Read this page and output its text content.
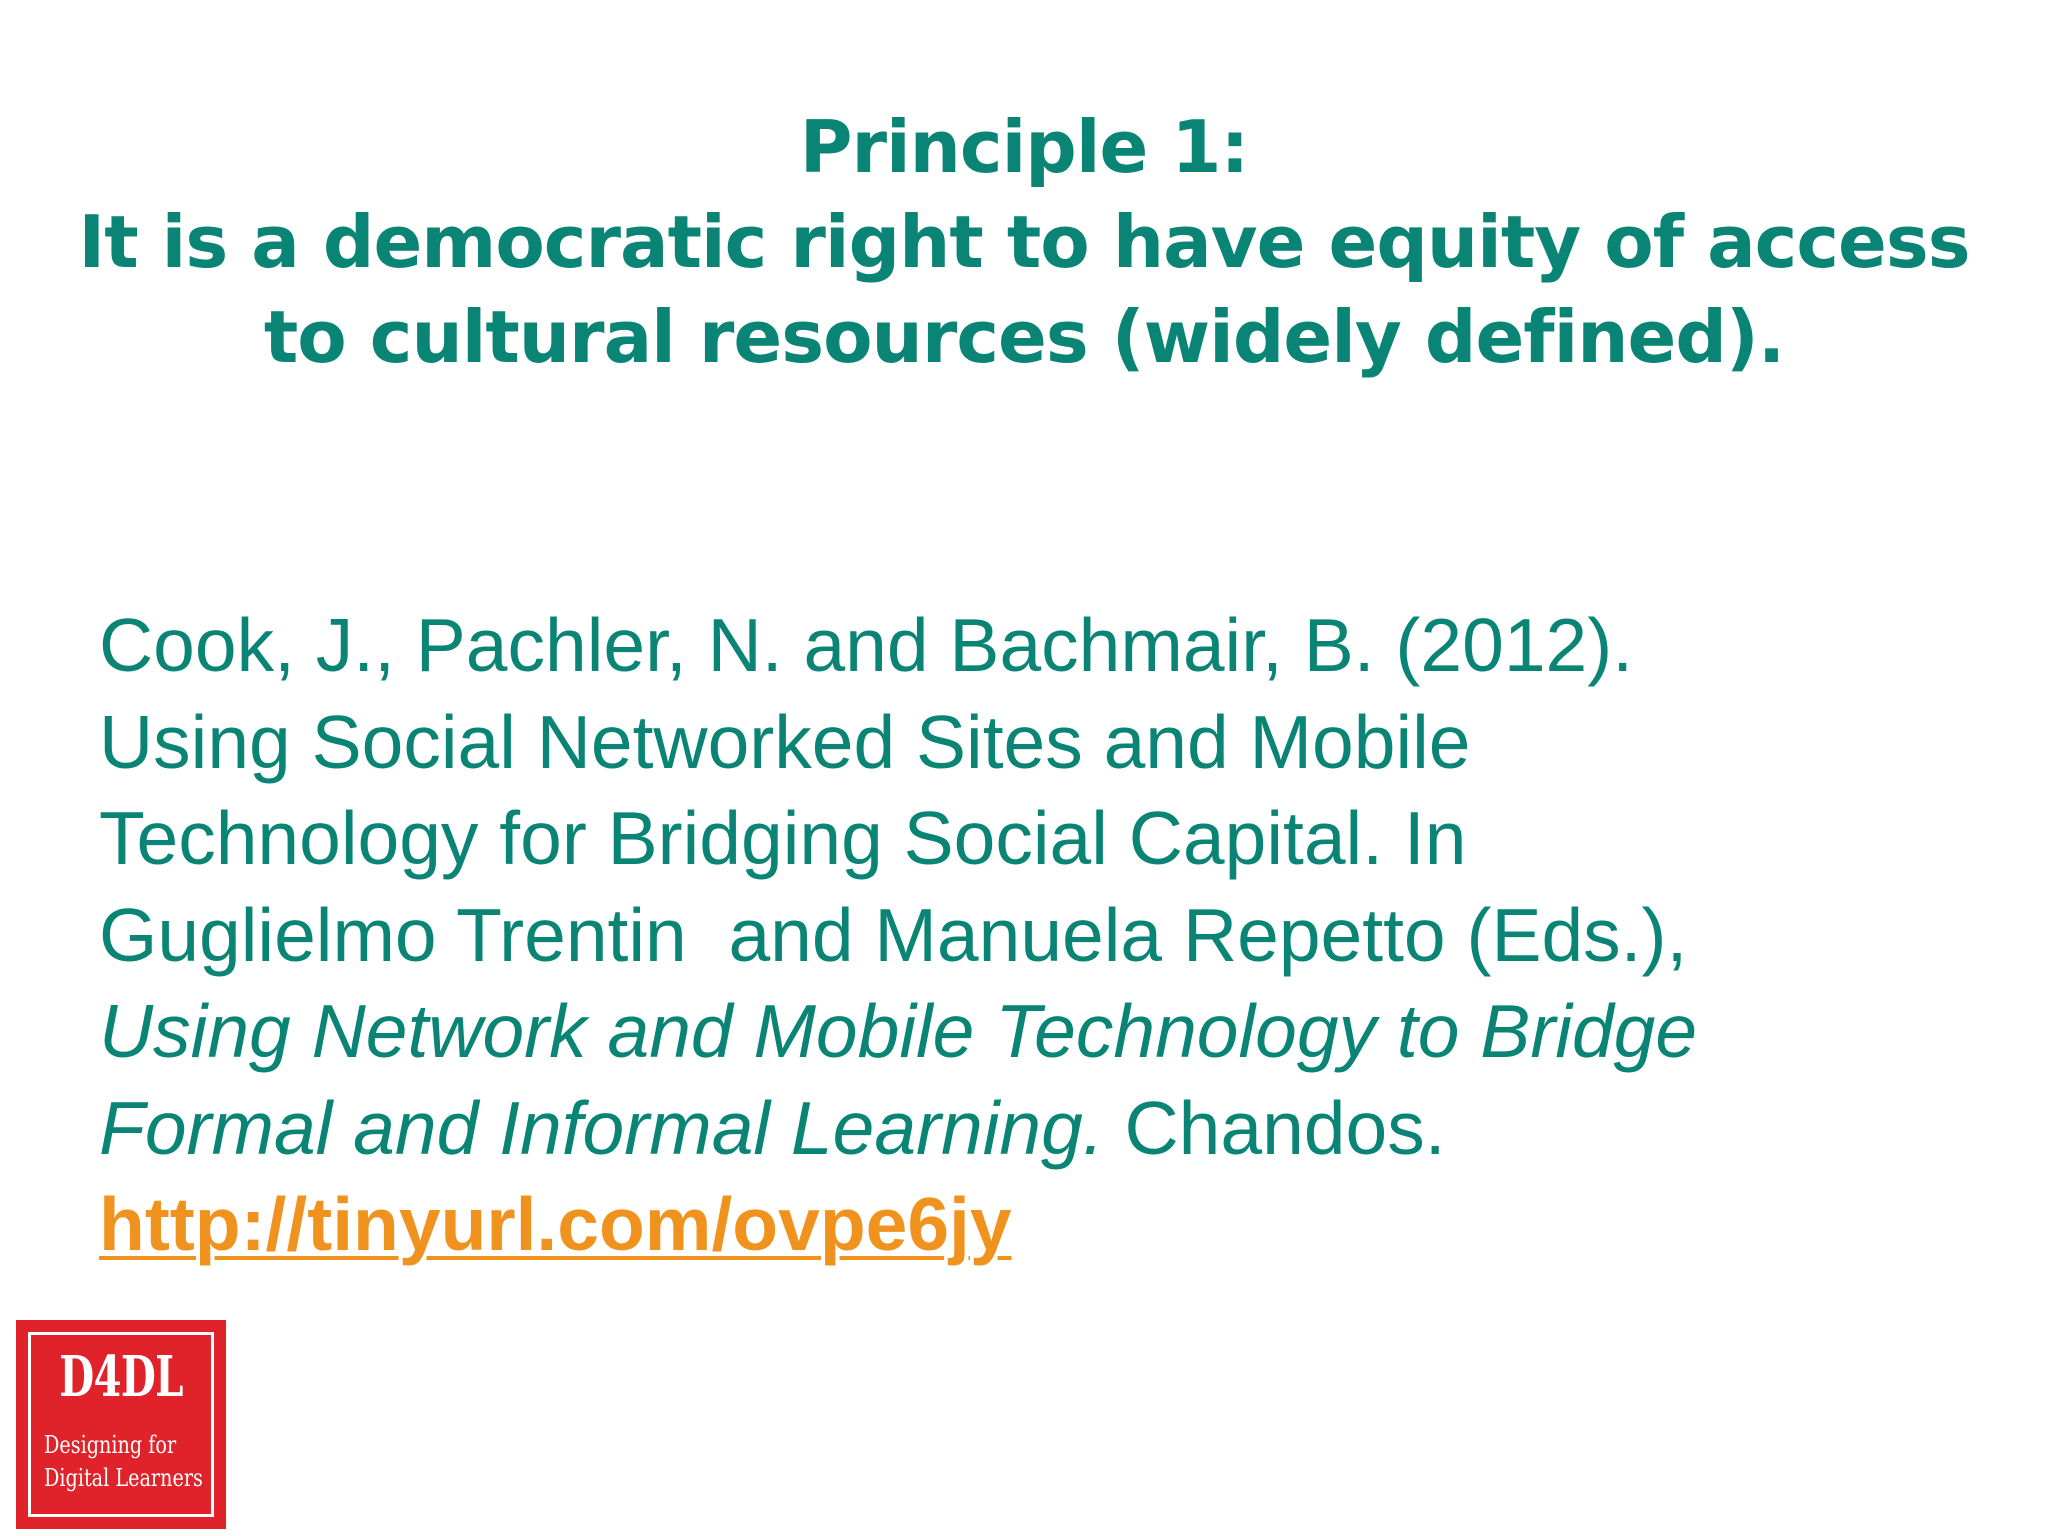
Principle 1:
It is a democratic right to have equity of access
to cultural resources (widely defined).
Cook, J., Pachler, N. and Bachmair, B. (2012).
Using Social Networked Sites and Mobile
Technology for Bridging Social Capital. In
Guglielmo Trentin  and Manuela Repetto (Eds.),
Using Network and Mobile Technology to Bridge
Formal and Informal Learning. Chandos.
http://tinyurl.com/ovpe6jy
D4DL
Designing for
Digital Learners
